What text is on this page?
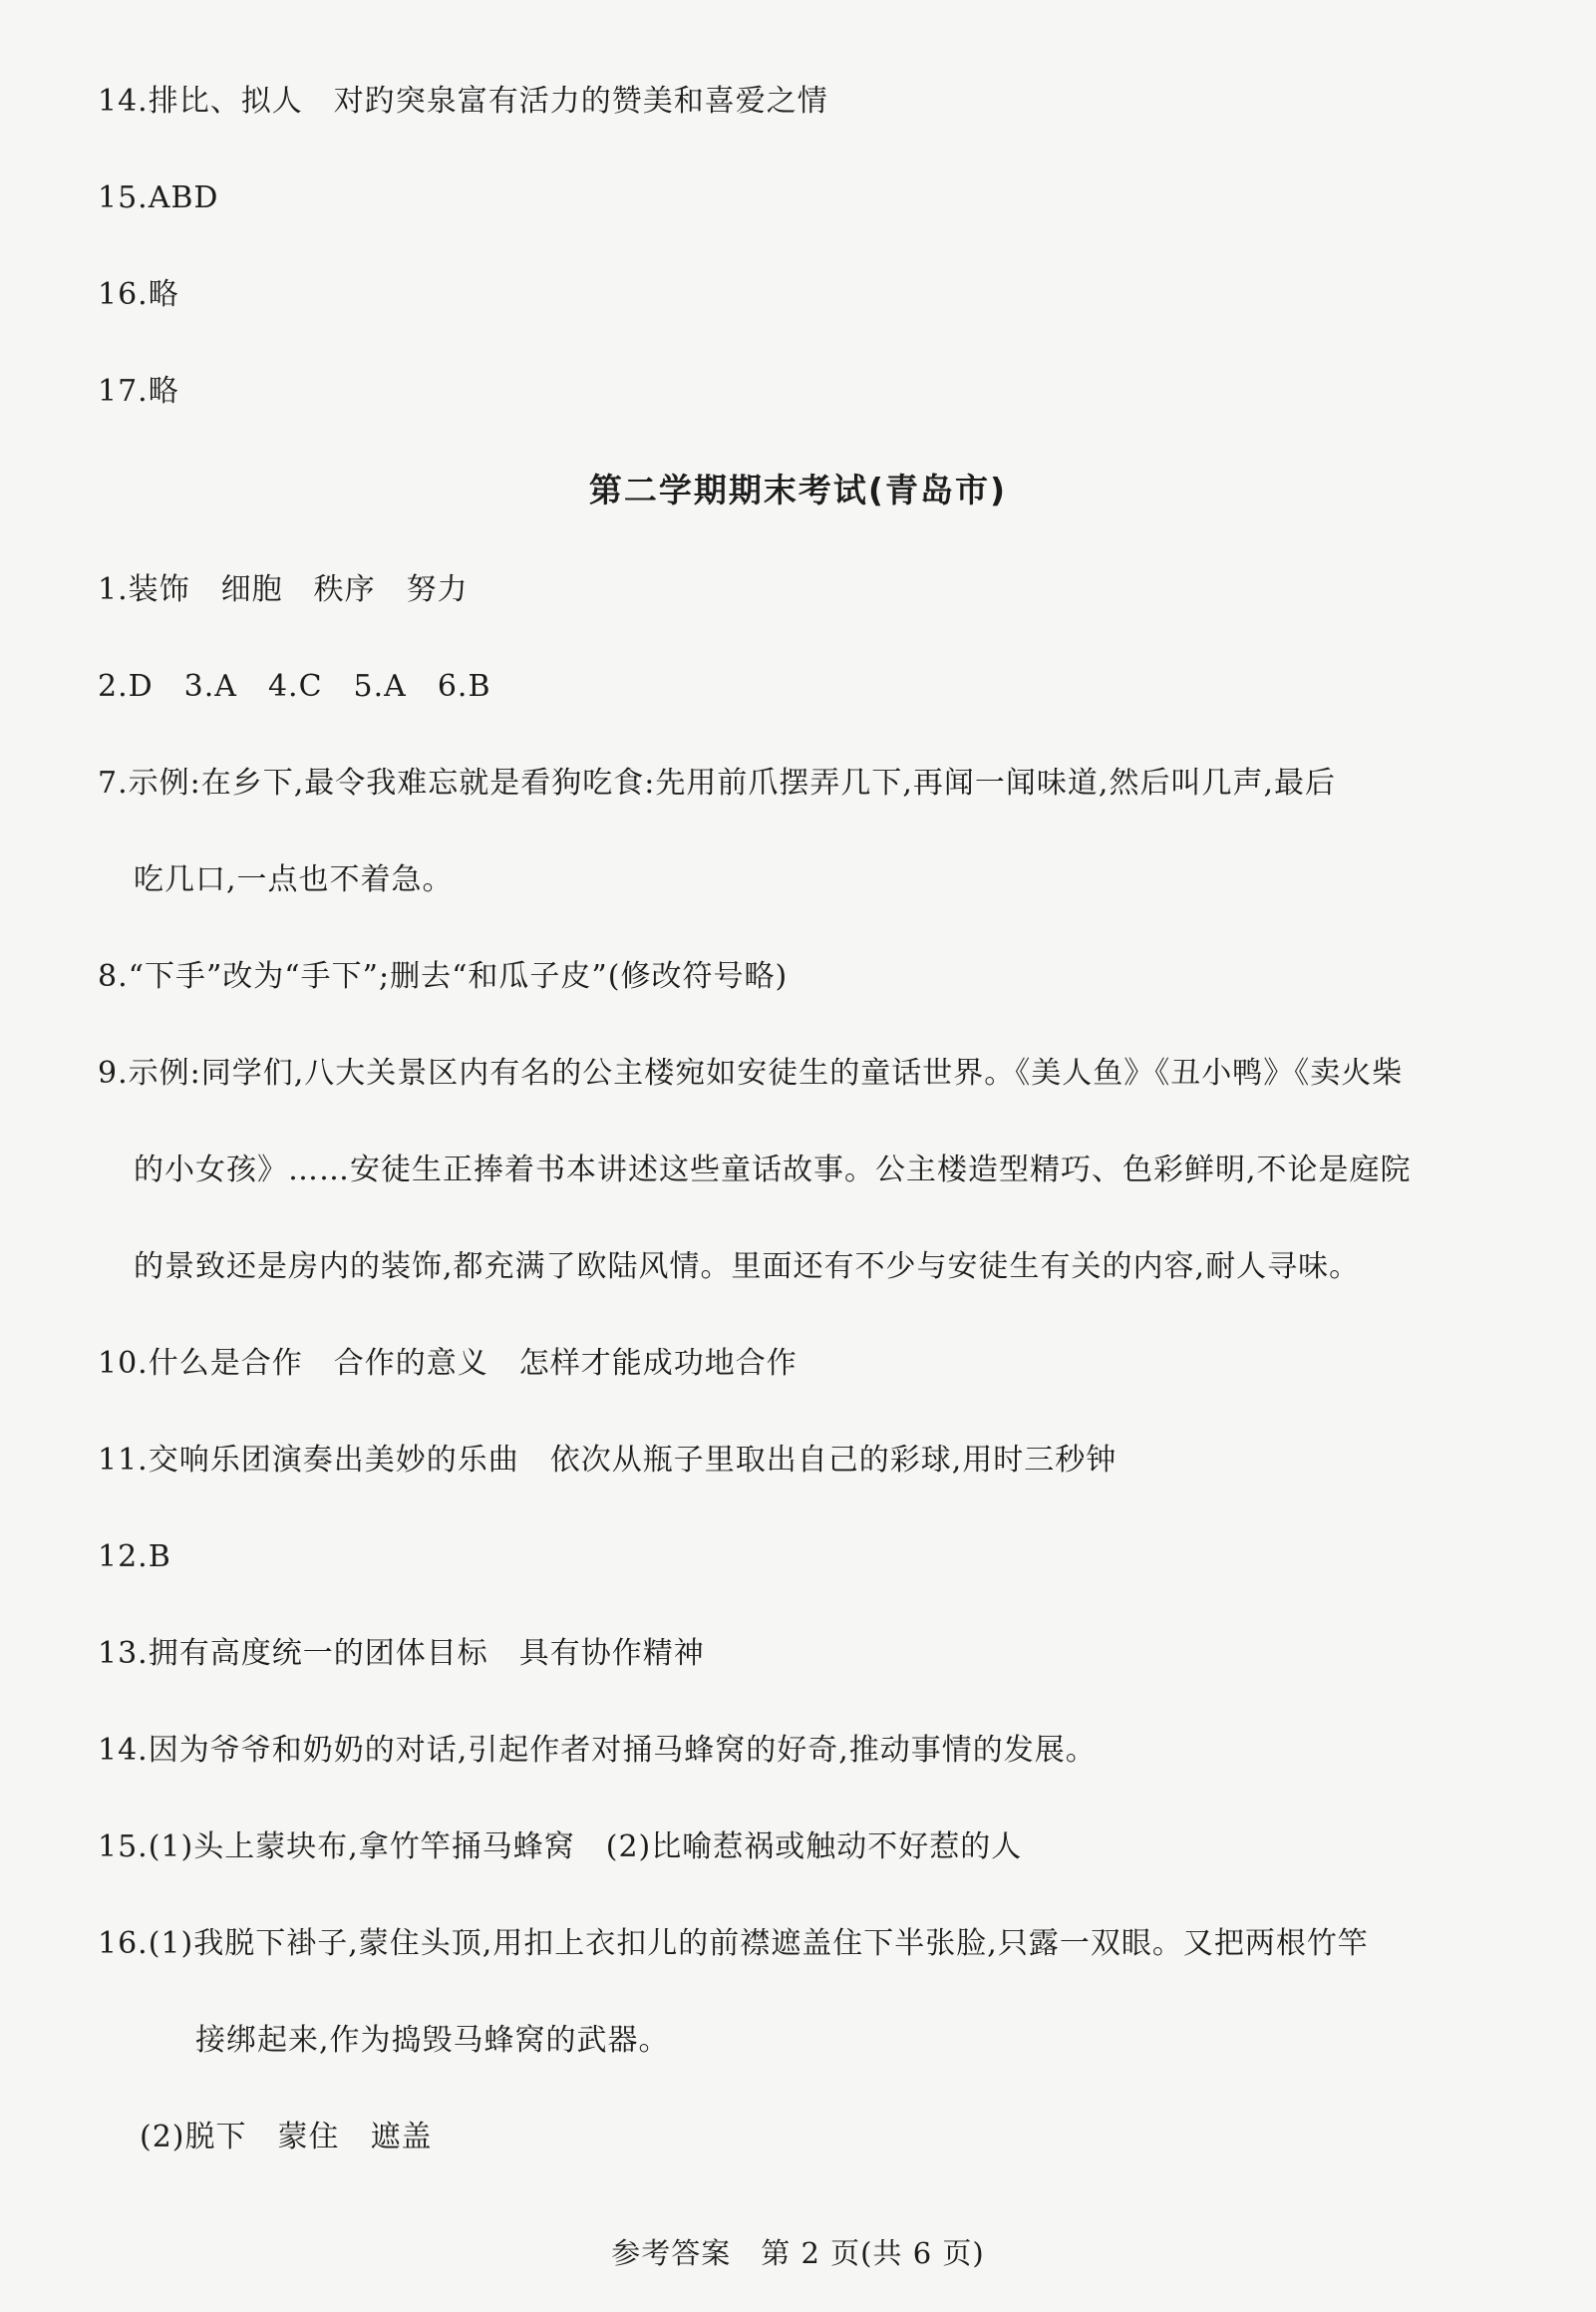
14.排比、拟人　对趵突泉富有活力的赞美和喜爱之情
15.ABD
16.略
17.略
第二学期期末考试(青岛市)
1.装饰　细胞　秩序　努力
2.D　3.A　4.C　5.A　6.B
7.示例:在乡下,最令我难忘就是看狗吃食:先用前爪摆弄几下,再闻一闻味道,然后叫几声,最后
吃几口,一点也不着急。
8.“下手”改为“手下”;删去“和瓜子皮”(修改符号略)
9.示例:同学们,八大关景区内有名的公主楼宛如安徒生的童话世界。《美人鱼》《丑小鸭》《卖火柴
的小女孩》……安徒生正捧着书本讲述这些童话故事。公主楼造型精巧、色彩鲜明,不论是庭院
的景致还是房内的装饰,都充满了欧陆风情。里面还有不少与安徒生有关的内容,耐人寻味。
10.什么是合作　合作的意义　怎样才能成功地合作
11.交响乐团演奏出美妙的乐曲　依次从瓶子里取出自己的彩球,用时三秒钟
12.B
13.拥有高度统一的团体目标　具有协作精神
14.因为爷爷和奶奶的对话,引起作者对捅马蜂窝的好奇,推动事情的发展。
15.(1)头上蒙块布,拿竹竿捅马蜂窝　(2)比喻惹祸或触动不好惹的人
16.(1)我脱下褂子,蒙住头顶,用扣上衣扣儿的前襟遮盖住下半张脸,只露一双眼。又把两根竹竿
接绑起来,作为捣毁马蜂窝的武器。
(2)脱下　蒙住　遮盖
参考答案　第 2 页(共 6 页)
